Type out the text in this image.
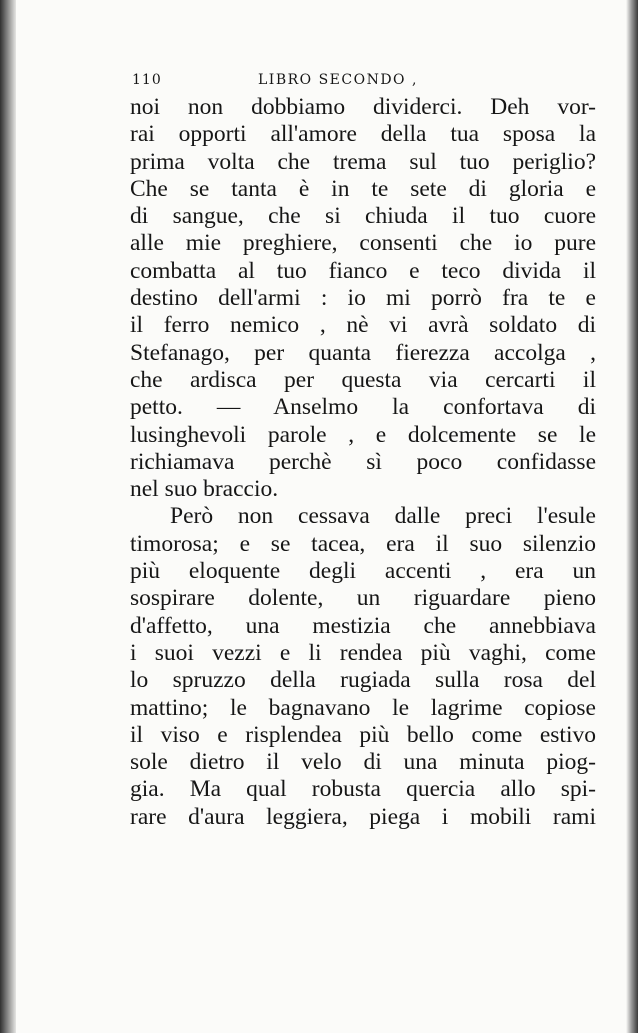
110	LIBRO SECONDO ,
noi non dobbiamo dividerci. Deh vor-
rai opporti all'amore della tua sposa la
prima volta che trema sul tuo periglio?
Che se tanta è in te sete di gloria e
di sangue, che si chiuda il tuo cuore
alle mie preghiere, consenti che io pure
combatta al tuo fianco e teco divida il
destino dell'armi : io mi porrò fra te e
il ferro nemico , nè vi avrà soldato di
Stefanago, per quanta fierezza accolga ,
che ardisca per questa via cercarti il
petto. — Anselmo la confortava di
lusinghevoli parole , e dolcemente se le
richiamava perchè sì poco confidasse
nel suo braccio.
Però non cessava dalle preci l'esule
timorosa; e se tacea, era il suo silenzio
più eloquente degli accenti , era un
sospirare dolente, un riguardare pieno
d'affetto, una mestizia che annebbiava
i suoi vezzi e li rendea più vaghi, come
lo spruzzo della rugiada sulla rosa del
mattino; le bagnavano le lagrime copiose
il viso e risplendea più bello come estivo
sole dietro il velo di una minuta piog-
gia. Ma qual robusta quercia allo spi-
rare d'aura leggiera, piega i mobili rami
